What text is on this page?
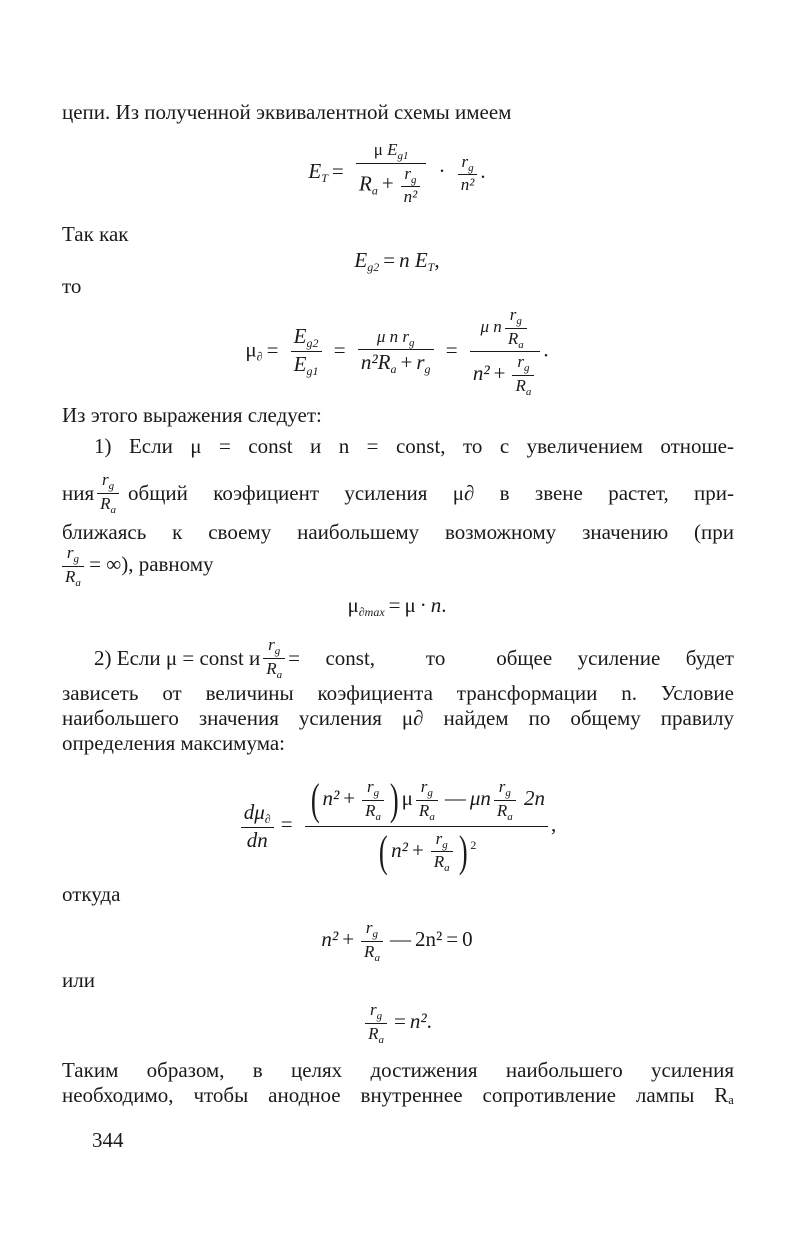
цепи. Из полученной эквивалентной схемы имеем
$E_T = \frac{\mu E_{g1}}{R_a + \frac{r_g}{\text{n²}}} \cdot \frac{r_g}{\text{n²}}$ .
Так как
$E_{g2} = n$ $E_T$,
то
$\mu_\partial = \frac{E_{g2}}{E_{g1}} = \frac{\mu n r_g}{n^2R_a + r_g} = \frac{\mu n \frac{r_g}{R_a}}{n^2 + \frac{r_g}{R_a}}$ .
Из этого выражения следует:
1) Если μ = const и n = const, то с увеличением отноше-
ния $\frac{r_g}{R_a}$ общий коэфициент усиления μ∂ в звене растет, при-
ближаясь к своему наибольшему возможному значению (при
$\frac{r_g}{R_a}$ = ∞), равному
$\mu_{\partial max} = \mu \cdot n$.
2) Если μ = const и $\frac{r_g}{R_a}$ = const,  то  общее усиление будет
зависеть от величины коэфициента трансформации n. Условие
наибольшего значения усиления μ∂ найдем по общему правилу
определения максимума:
$\frac{d\mu_\partial}{dn} = \frac{( n^2 + \frac{r_g}{R_a} ) \mu \frac{r_g}{R_a} — \mu n \frac{r_g}{R_a} 2n}{( n^2 + \frac{r_g}{R_a} ) ^2}$ ,
откуда
$n^2 + \frac{r_g}{R_a}$ — 2n² = 0
или
$\frac{r_g}{R_a} = n^2$.
Таким образом, в целях достижения наибольшего усиления
необходимо, чтобы анодное внутреннее сопротивление лампы Rₐ
344
